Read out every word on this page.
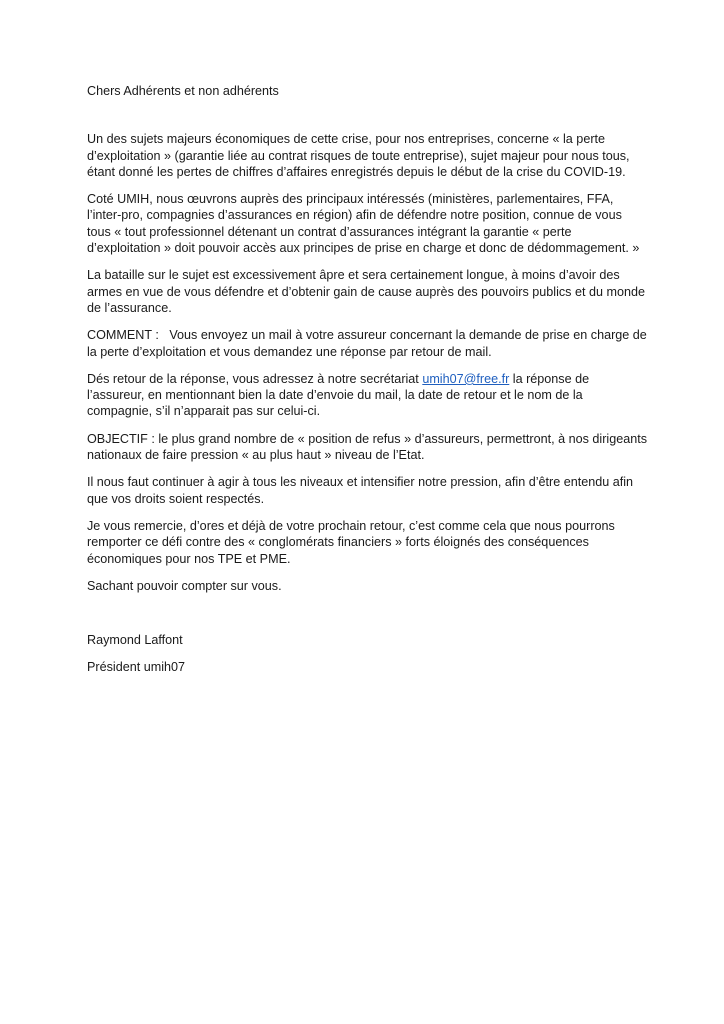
Chers Adhérents et non adhérents

Un des sujets majeurs économiques de cette crise, pour nos entreprises, concerne « la perte d’exploitation » (garantie liée au contrat risques de toute entreprise), sujet majeur pour nous tous, étant donné les pertes de chiffres d’affaires enregistrés depuis le début de la crise du COVID-19.

Coté UMIH, nous œuvrons auprès des principaux intéressés (ministères, parlementaires, FFA, l’inter-pro, compagnies d’assurances en région) afin de défendre notre position, connue de vous tous « tout professionnel détenant un contrat d’assurances intégrant la garantie « perte d’exploitation » doit pouvoir accès aux principes de prise en charge et donc de dédommagement. »

La bataille sur le sujet est excessivement âpre et sera certainement longue, à moins d’avoir des armes en vue de vous défendre et d’obtenir gain de cause auprès des pouvoirs publics et du monde de l’assurance.

COMMENT :   Vous envoyez un mail à votre assureur concernant la demande de prise en charge de la perte d’exploitation et vous demandez une réponse par retour de mail.

Dés retour de la réponse, vous adressez à notre secrétariat umih07@free.fr la réponse de l’assureur, en mentionnant bien la date d’envoie du mail, la date de retour et le nom de la compagnie, s’il n’apparait pas sur celui-ci.

OBJECTIF : le plus grand nombre de « position de refus » d’assureurs, permettront, à nos dirigeants nationaux de faire pression « au plus haut » niveau de l’Etat.

Il nous faut continuer à agir à tous les niveaux et intensifier notre pression, afin d’être entendu afin que vos droits soient respectés.

Je vous remercie, d’ores et déjà de votre prochain retour, c’est comme cela que nous pourrons remporter ce défi contre des « conglomérats financiers » forts éloignés des conséquences économiques pour nos TPE et PME.

Sachant pouvoir compter sur vous.

Raymond Laffont

Président umih07
